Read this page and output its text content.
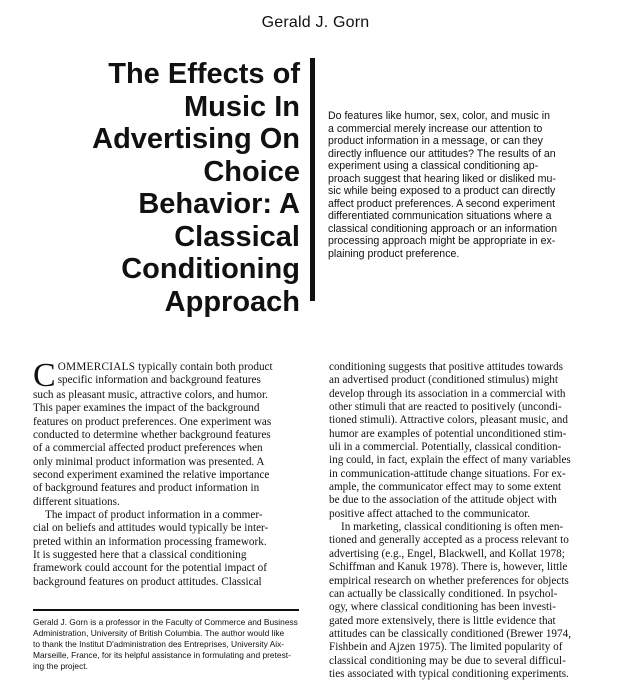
Gerald J. Gorn
The Effects of
Music In
Advertising On
Choice
Behavior: A
Classical
Conditioning
Approach

Do features like humor, sex, color, and music in
a commercial merely increase our attention to
product information in a message, or can they
directly influence our attitudes? The results of an
experiment using a classical conditioning ap-
proach suggest that hearing liked or disliked mu-
sic while being exposed to a product can directly
affect product preferences. A second experiment
differentiated communication situations where a
classical conditioning approach or an information
processing approach might be appropriate in ex-
plaining product preference.

C OMMERCIALS typically contain both product
specific information and background features
such as pleasant music, attractive colors, and humor.
This paper examines the impact of the background
features on product preferences. One experiment was
conducted to determine whether background features
of a commercial affected product preferences when
only minimal product information was presented. A
second experiment examined the relative importance
of background features and product information in
different situations.
The impact of product information in a commer-
cial on beliefs and attitudes would typically be inter-
preted within an information processing framework.
It is suggested here that a classical conditioning
framework could account for the potential impact of
background features on product attitudes. Classical
conditioning suggests that positive attitudes towards
an advertised product (conditioned stimulus) might
develop through its association in a commercial with
other stimuli that are reacted to positively (uncondi-
tioned stimuli). Attractive colors, pleasant music, and
humor are examples of potential unconditioned stim-
uli in a commercial. Potentially, classical condition-
ing could, in fact, explain the effect of many variables
in communication-attitude change situations. For ex-
ample, the communicator effect may to some extent
be due to the association of the attitude object with
positive affect attached to the communicator.
In marketing, classical conditioning is often men-
tioned and generally accepted as a process relevant to
advertising (e.g., Engel, Blackwell, and Kollat 1978;
Schiffman and Kanuk 1978). There is, however, little
empirical research on whether preferences for objects
can actually be classically conditioned. In psychol-
ogy, where classical conditioning has been investi-
gated more extensively, there is little evidence that
attitudes can be classically conditioned (Brewer 1974,
Fishbein and Ajzen 1975). The limited popularity of
classical conditioning may be due to several difficul-
ties associated with typical conditioning experiments.
Gerald J. Gorn is a professor in the Faculty of Commerce and Business
Administration, University of British Columbia. The author would like
to thank the Institut D'administration des Entreprises, University Aix-
Marseille, France, for its helpful assistance in formulating and pretest-
ing the project.
